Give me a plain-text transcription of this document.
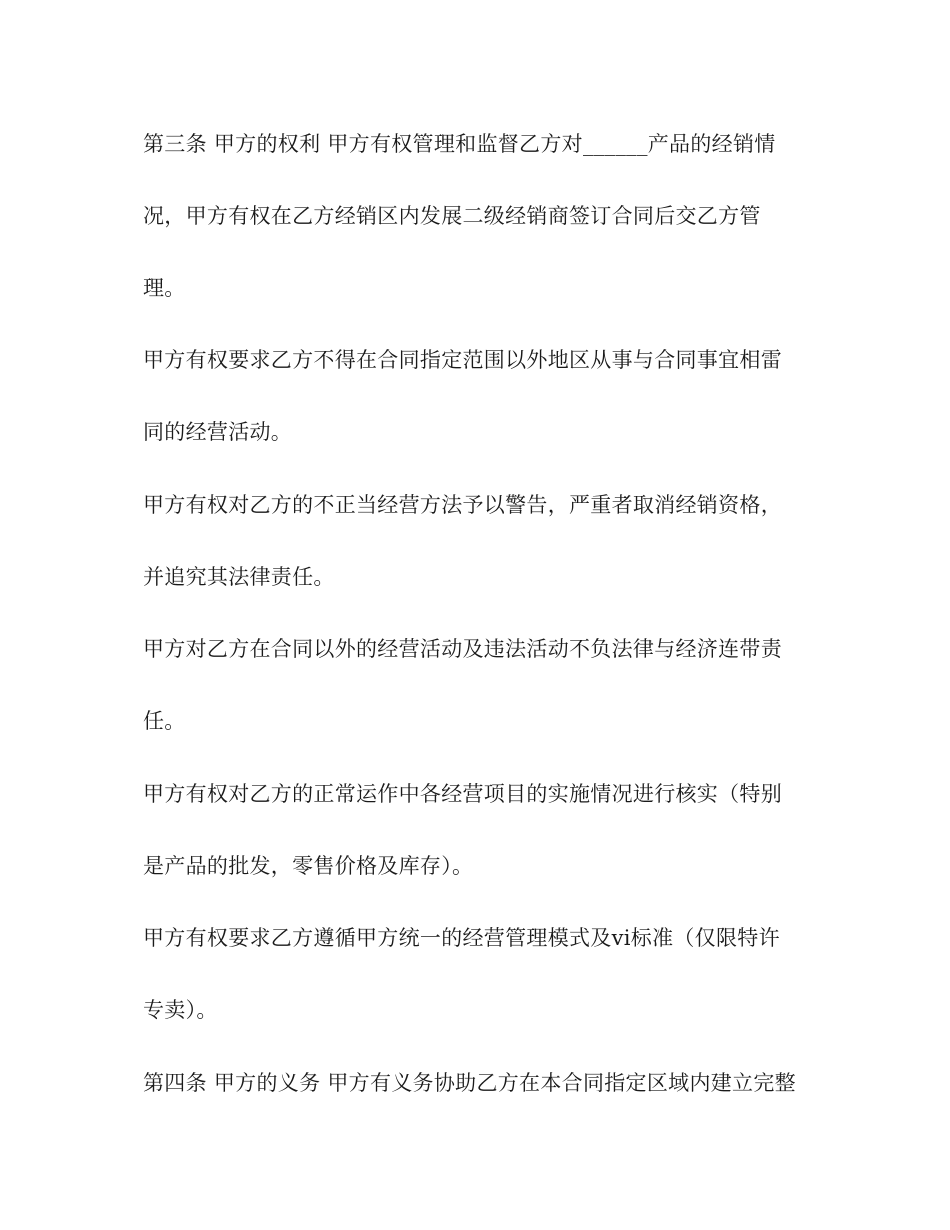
第三条 甲方的权利 甲方有权管理和监督乙方对______产品的经销情
况，甲方有权在乙方经销区内发展二级经销商签订合同后交乙方管
理。
甲方有权要求乙方不得在合同指定范围以外地区从事与合同事宜相雷
同的经营活动。
甲方有权对乙方的不正当经营方法予以警告，严重者取消经销资格，
并追究其法律责任。
甲方对乙方在合同以外的经营活动及违法活动不负法律与经济连带责
任。
甲方有权对乙方的正常运作中各经营项目的实施情况进行核实（特别
是产品的批发，零售价格及库存）。
甲方有权要求乙方遵循甲方统一的经营管理模式及vi标准（仅限特许
专卖）。
第四条 甲方的义务 甲方有义务协助乙方在本合同指定区域内建立完整
